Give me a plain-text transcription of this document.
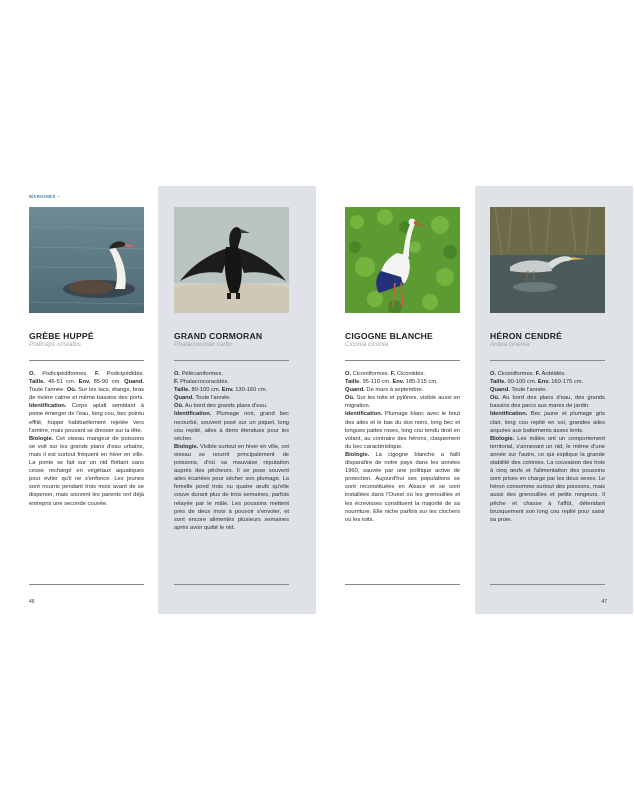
MARGINÉS –
GRÈBE HUPPÉ
Podiceps cristatus

O. Podicipédiformes. F. Podicipédidés. Taille. 46-51 cm. Env. 85-90 cm. Quand. Toute l'année. Où. Sur les lacs, étangs, bras de rivière calme et même bassins des ports. Identification. Corps aplati semblant à peine émerger de l'eau, long cou, bec pointu effilé, huppe habituellement rejetée vers l'arrière, mais pouvant se dresser sur la tête.

Biologie. Cet oiseau mangeur de poissons se voit sur les grands plans d'eau urbains, mais il est surtout fréquent en hiver en ville. La ponte se fait sur un nid flottant sans cesse rechargé en végétaux aquatiques pour éviter qu'il ne s'enfonce. Les jeunes sont nourris pendant trois mois avant de se disperser, mais souvent les parents ont déjà entrepris une seconde couvée.

GRAND CORMORAN
Phalacrocorax carbo

O. Pélécaniformes.
F. Phalacrocoracidés.
Taille. 80-100 cm. Env. 130-160 cm.
Quand. Toute l'année.
Où. Au bord des grands plans d'eau.
Identification. Plumage noir, grand bec recourbé, souvent posé sur un piquet, long cou replié, ailes à demi étendues pour les sécher.

Biologie. Visible surtout en hiver en ville, cet oiseau se nourrit principalement de poissons, d'où sa mauvaise réputation auprès des pêcheurs. Il se pose souvent ailes écartées pour sécher son plumage. La femelle pond trois ou quatre œufs qu'elle couve durant plus de trois semaines, parfois relayée par le mâle. Les poussins mettent près de deux mois à pouvoir s'envoler, et sont encore alimentés plusieurs semaines après avoir quitté le nid.

CIGOGNE BLANCHE
Ciconia ciconia

O. Ciconiiformes. F. Ciconiidés.
Taille. 95-110 cm. Env. 185-215 cm.
Quand. De mars à septembre.
Où. Sur les toits et pylônes, visible aussi en migration.
Identification. Plumage blanc avec le bout des ailes et le bas du dos noirs, long bec et longues pattes roses, long cou tendu droit en volant, au contraire des hérons, claquement du bec caractéristique.

Biologie. La cigogne blanche a failli disparaître de notre pays dans les années 1960, sauvée par une politique active de protection. Aujourd'hui ses populations se sont reconstituées en Alsace et se sont installées dans l'Ouest où les grenouilles et les écrevisses constituent la majorité de sa nourriture. Elle niche parfois sur les clochers ou les toits.

HÉRON CENDRÉ
Ardea cinerea

O. Ciconiiformes. F. Ardéidés.
Taille. 90-100 cm. Env. 160-175 cm.
Quand. Toute l'année.
Où. Au bord des plans d'eau, des grands bassins des parcs aux mares de jardin.
Identification. Bec jaune et plumage gris clair, long cou replié en vol, grandes ailes arquées aux battements assez lents.

Biologie. Les mâles ont un comportement territorial, s'annexant un nid, le même d'une année sur l'autre, ce qui explique la grande stabilité des colonies. La couvaison des trois à cinq œufs et l'alimentation des poussins sont prises en charge par les deux sexes. Le héron consomme surtout des poissons, mais aussi des grenouilles et petits rongeurs. Il pêche et chasse à l'affût, détendant brusquement son long cou replié pour saisir sa proie.

46	47
